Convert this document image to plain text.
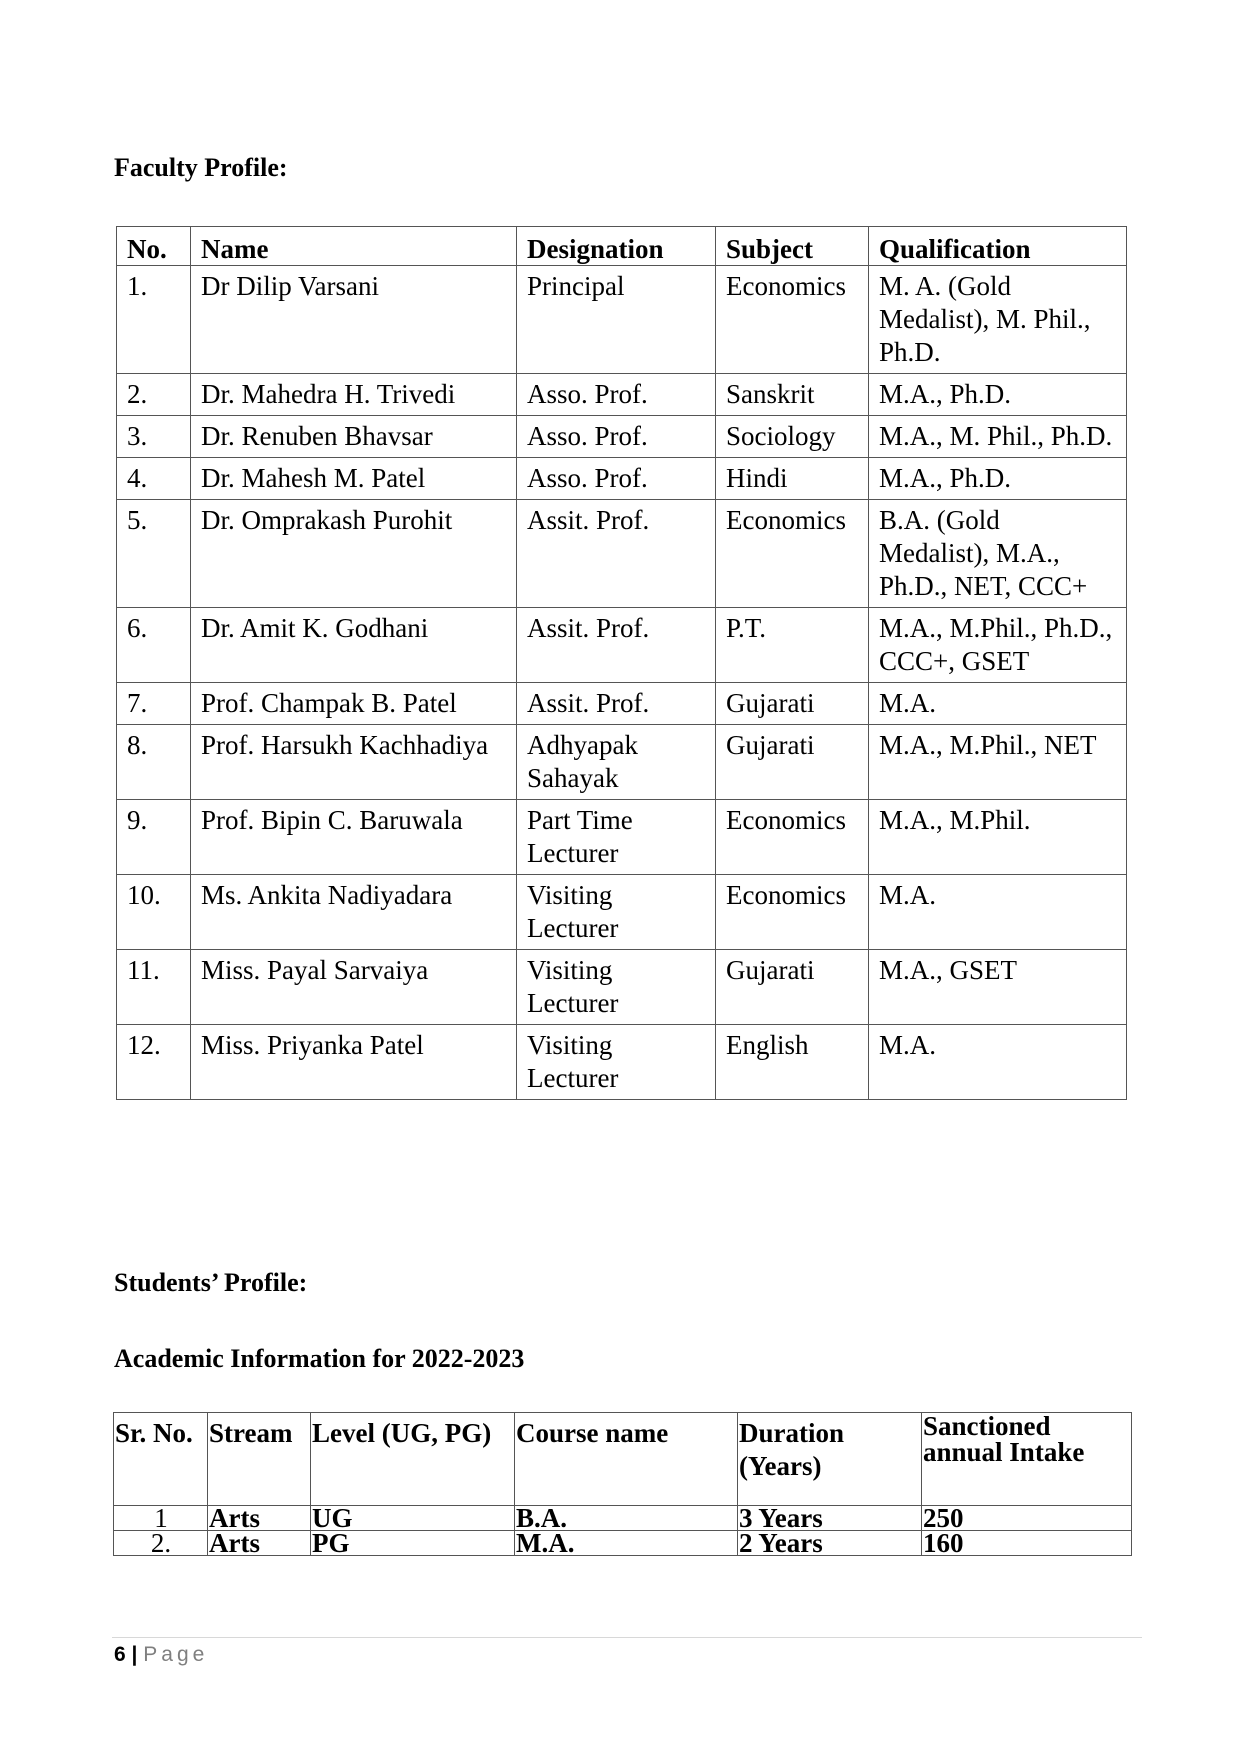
Faculty Profile:
No.	Name	Designation	Subject	Qualification
1.	Dr Dilip Varsani	Principal	Economics	M. A. (Gold Medalist), M. Phil., Ph.D.
2.	Dr. Mahedra H. Trivedi	Asso. Prof.	Sanskrit	M.A., Ph.D.
3.	Dr. Renuben Bhavsar	Asso. Prof.	Sociology	M.A., M. Phil., Ph.D.
4.	Dr. Mahesh M. Patel	Asso. Prof.	Hindi	M.A., Ph.D.
5.	Dr. Omprakash Purohit	Assit. Prof.	Economics	B.A. (Gold Medalist), M.A., Ph.D., NET, CCC+
6.	Dr. Amit K. Godhani	Assit. Prof.	P.T.	M.A., M.Phil., Ph.D., CCC+, GSET
7.	Prof. Champak B. Patel	Assit. Prof.	Gujarati	M.A.
8.	Prof. Harsukh Kachhadiya	Adhyapak Sahayak	Gujarati	M.A., M.Phil., NET
9.	Prof. Bipin C. Baruwala	Part Time Lecturer	Economics	M.A., M.Phil.
10.	Ms. Ankita Nadiyadara	Visiting Lecturer	Economics	M.A.
11.	Miss. Payal Sarvaiya	Visiting Lecturer	Gujarati	M.A., GSET
12.	Miss. Priyanka Patel	Visiting Lecturer	English	M.A.
Students’ Profile:
Academic Information for 2022-2023
Sr. No.	Stream	Level (UG, PG)	Course name	Duration (Years)	Sanctioned annual Intake
1	Arts	UG	B.A.	3 Years	250
2.	Arts	PG	M.A.	2 Years	160
6 | Page
